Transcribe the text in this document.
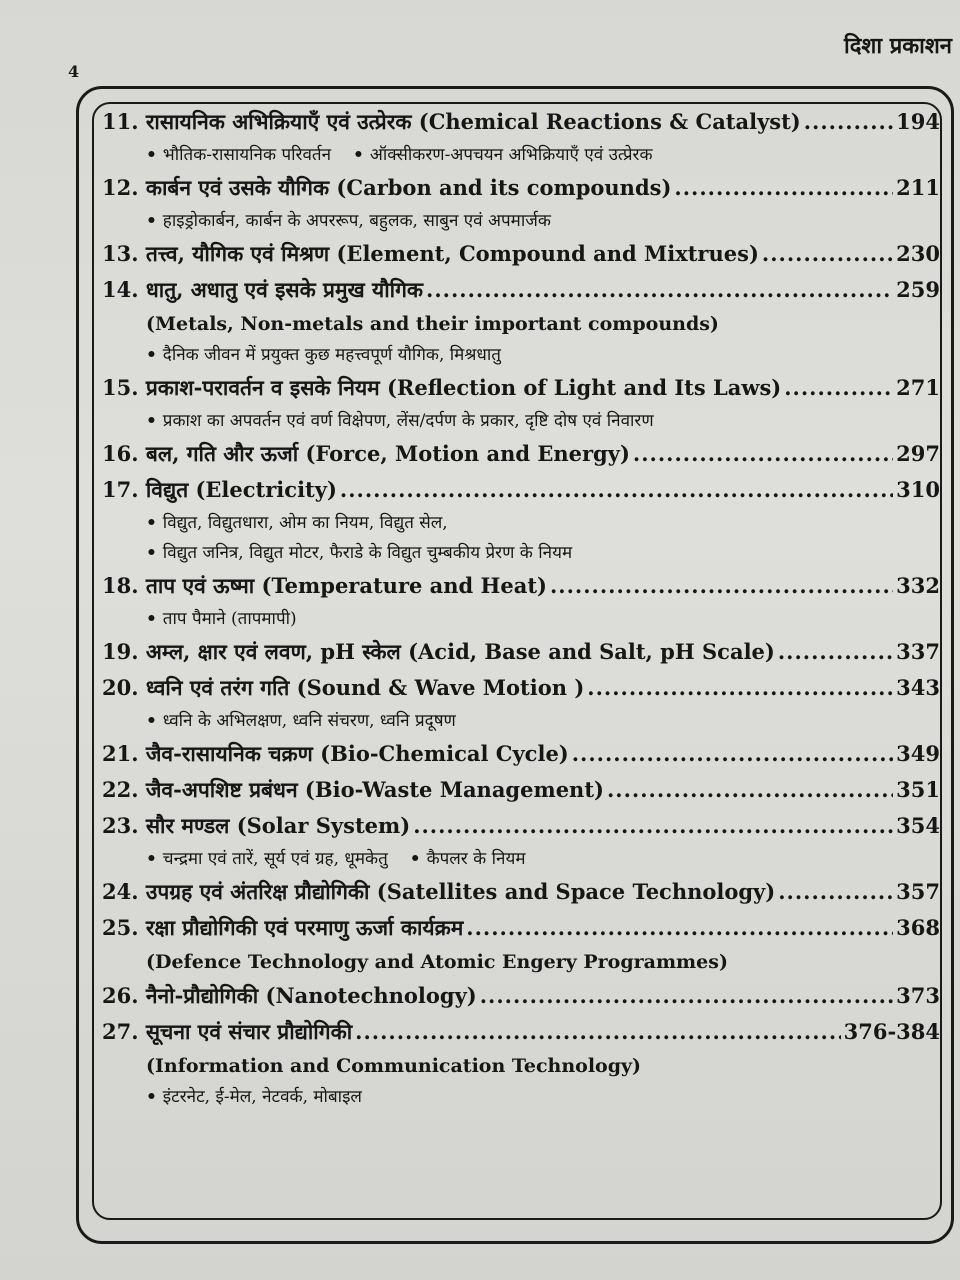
दिशा प्रकाशन
4
11. रासायनिक अभिक्रियाएँ एवं उत्प्रेरक (Chemical Reactions & Catalyst) .....	194
• भौतिक-रासायनिक परिवर्तन • ऑक्सीकरण-अपचयन अभिक्रियाएँ एवं उत्प्रेरक
12. कार्बन एवं उसके यौगिक (Carbon and its compounds) .....	211
• हाइड्रोकार्बन, कार्बन के अपररूप, बहुलक, साबुन एवं अपमार्जक
13. तत्त्व, यौगिक एवं मिश्रण (Element, Compound and Mixtrues) .....	230
14. धातु, अधातु एवं इसके प्रमुख यौगिक .....	259
(Metals, Non-metals and their important compounds)
• दैनिक जीवन में प्रयुक्त कुछ महत्त्वपूर्ण यौगिक, मिश्रधातु
15. प्रकाश-परावर्तन व इसके नियम (Reflection of Light and Its Laws) .....	271
• प्रकाश का अपवर्तन एवं वर्ण विक्षेपण, लेंस/दर्पण के प्रकार, दृष्टि दोष एवं निवारण
16. बल, गति और ऊर्जा (Force, Motion and Energy) .....	297
17. विद्युत (Electricity) .....	310
• विद्युत, विद्युतधारा, ओम का नियम, विद्युत सेल,
• विद्युत जनित्र, विद्युत मोटर, फैराडे के विद्युत चुम्बकीय प्रेरण के नियम
18. ताप एवं ऊष्मा (Temperature and Heat) .....	332
• ताप पैमाने (तापमापी)
19. अम्ल, क्षार एवं लवण, pH स्केल (Acid, Base and Salt, pH Scale) .....	337
20. ध्वनि एवं तरंग गति (Sound & Wave Motion ) .....	343
• ध्वनि के अभिलक्षण, ध्वनि संचरण, ध्वनि प्रदूषण
21. जैव-रासायनिक चक्रण (Bio-Chemical Cycle) .....	349
22. जैव-अपशिष्ट प्रबंधन (Bio-Waste Management) .....	351
23. सौर मण्डल (Solar System) .....	354
• चन्द्रमा एवं तारें, सूर्य एवं ग्रह, धूमकेतु • कैपलर के नियम
24. उपग्रह एवं अंतरिक्ष प्रौद्योगिकी (Satellites and Space Technology) .....	357
25. रक्षा प्रौद्योगिकी एवं परमाणु ऊर्जा कार्यक्रम .....	368
(Defence Technology and Atomic Engery Programmes)
26. नैनो-प्रौद्योगिकी (Nanotechnology) .....	373
27. सूचना एवं संचार प्रौद्योगिकी .....	376-384
(Information and Communication Technology)
• इंटरनेट, ई-मेल, नेटवर्क, मोबाइल
